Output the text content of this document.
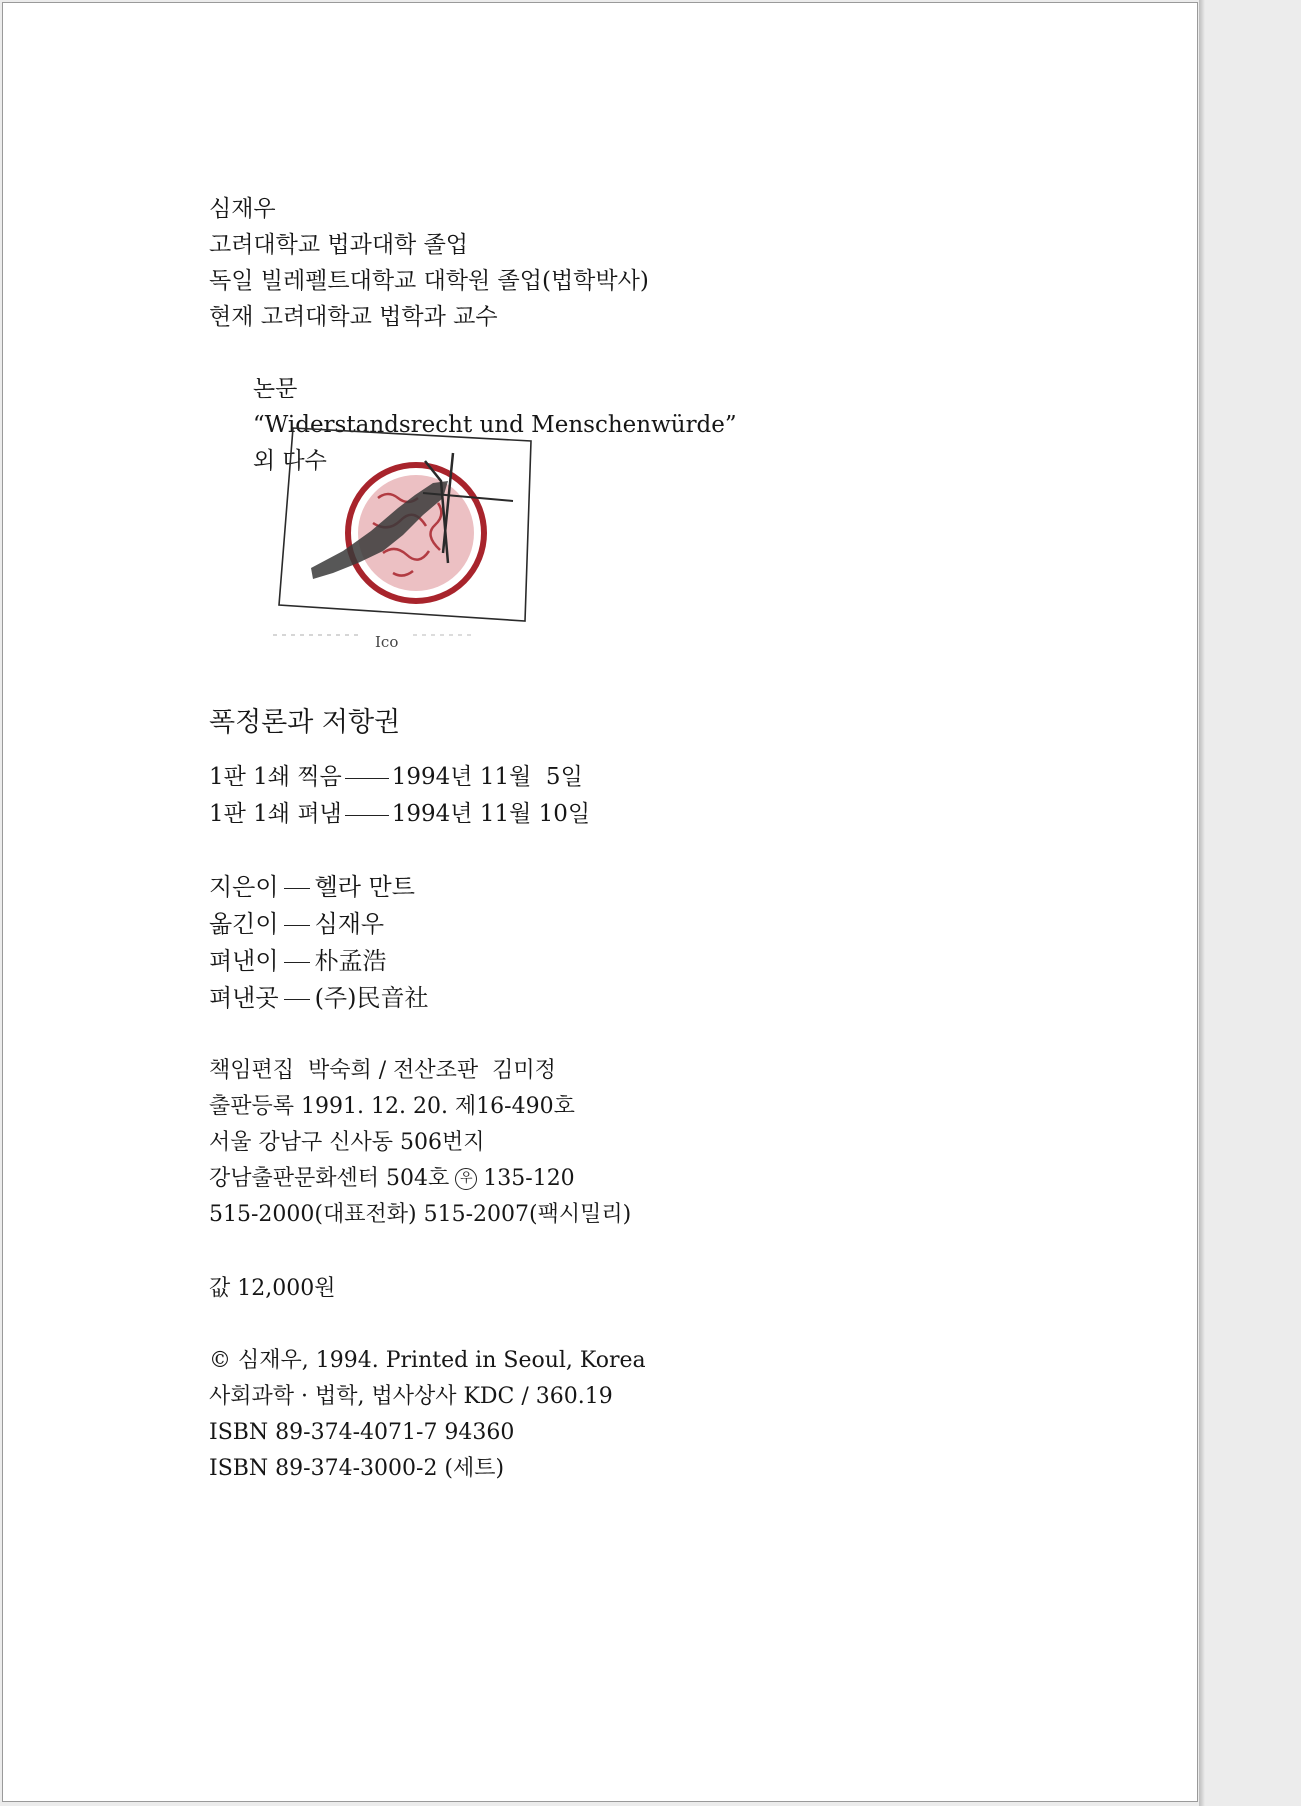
심재우
고려대학교 법과대학 졸업
독일 빌레펠트대학교 대학원 졸업(법학박사)
현재 고려대학교 법학과 교수

논문
“Widerstandsrecht und Menschenwürde”
외 다수

Ico
폭정론과 저항권
1판 1쇄 찍음 1994년 11월  5일
1판 1쇄 펴냄 1994년 11월 10일
지은이 헬라 만트
옮긴이 심재우
펴낸이 朴孟浩
펴낸곳 (주)民音社
책임편집  박숙희 / 전산조판  김미정
출판등록 1991. 12. 20. 제16-490호
서울 강남구 신사동 506번지
강남출판문화센터 504호 우 135-120
515-2000(대표전화) 515-2007(팩시밀리)
값 12,000원
© 심재우, 1994. Printed in Seoul, Korea
사회과학 · 법학, 법사상사 KDC / 360.19
ISBN 89-374-4071-7 94360
ISBN 89-374-3000-2 (세트)
